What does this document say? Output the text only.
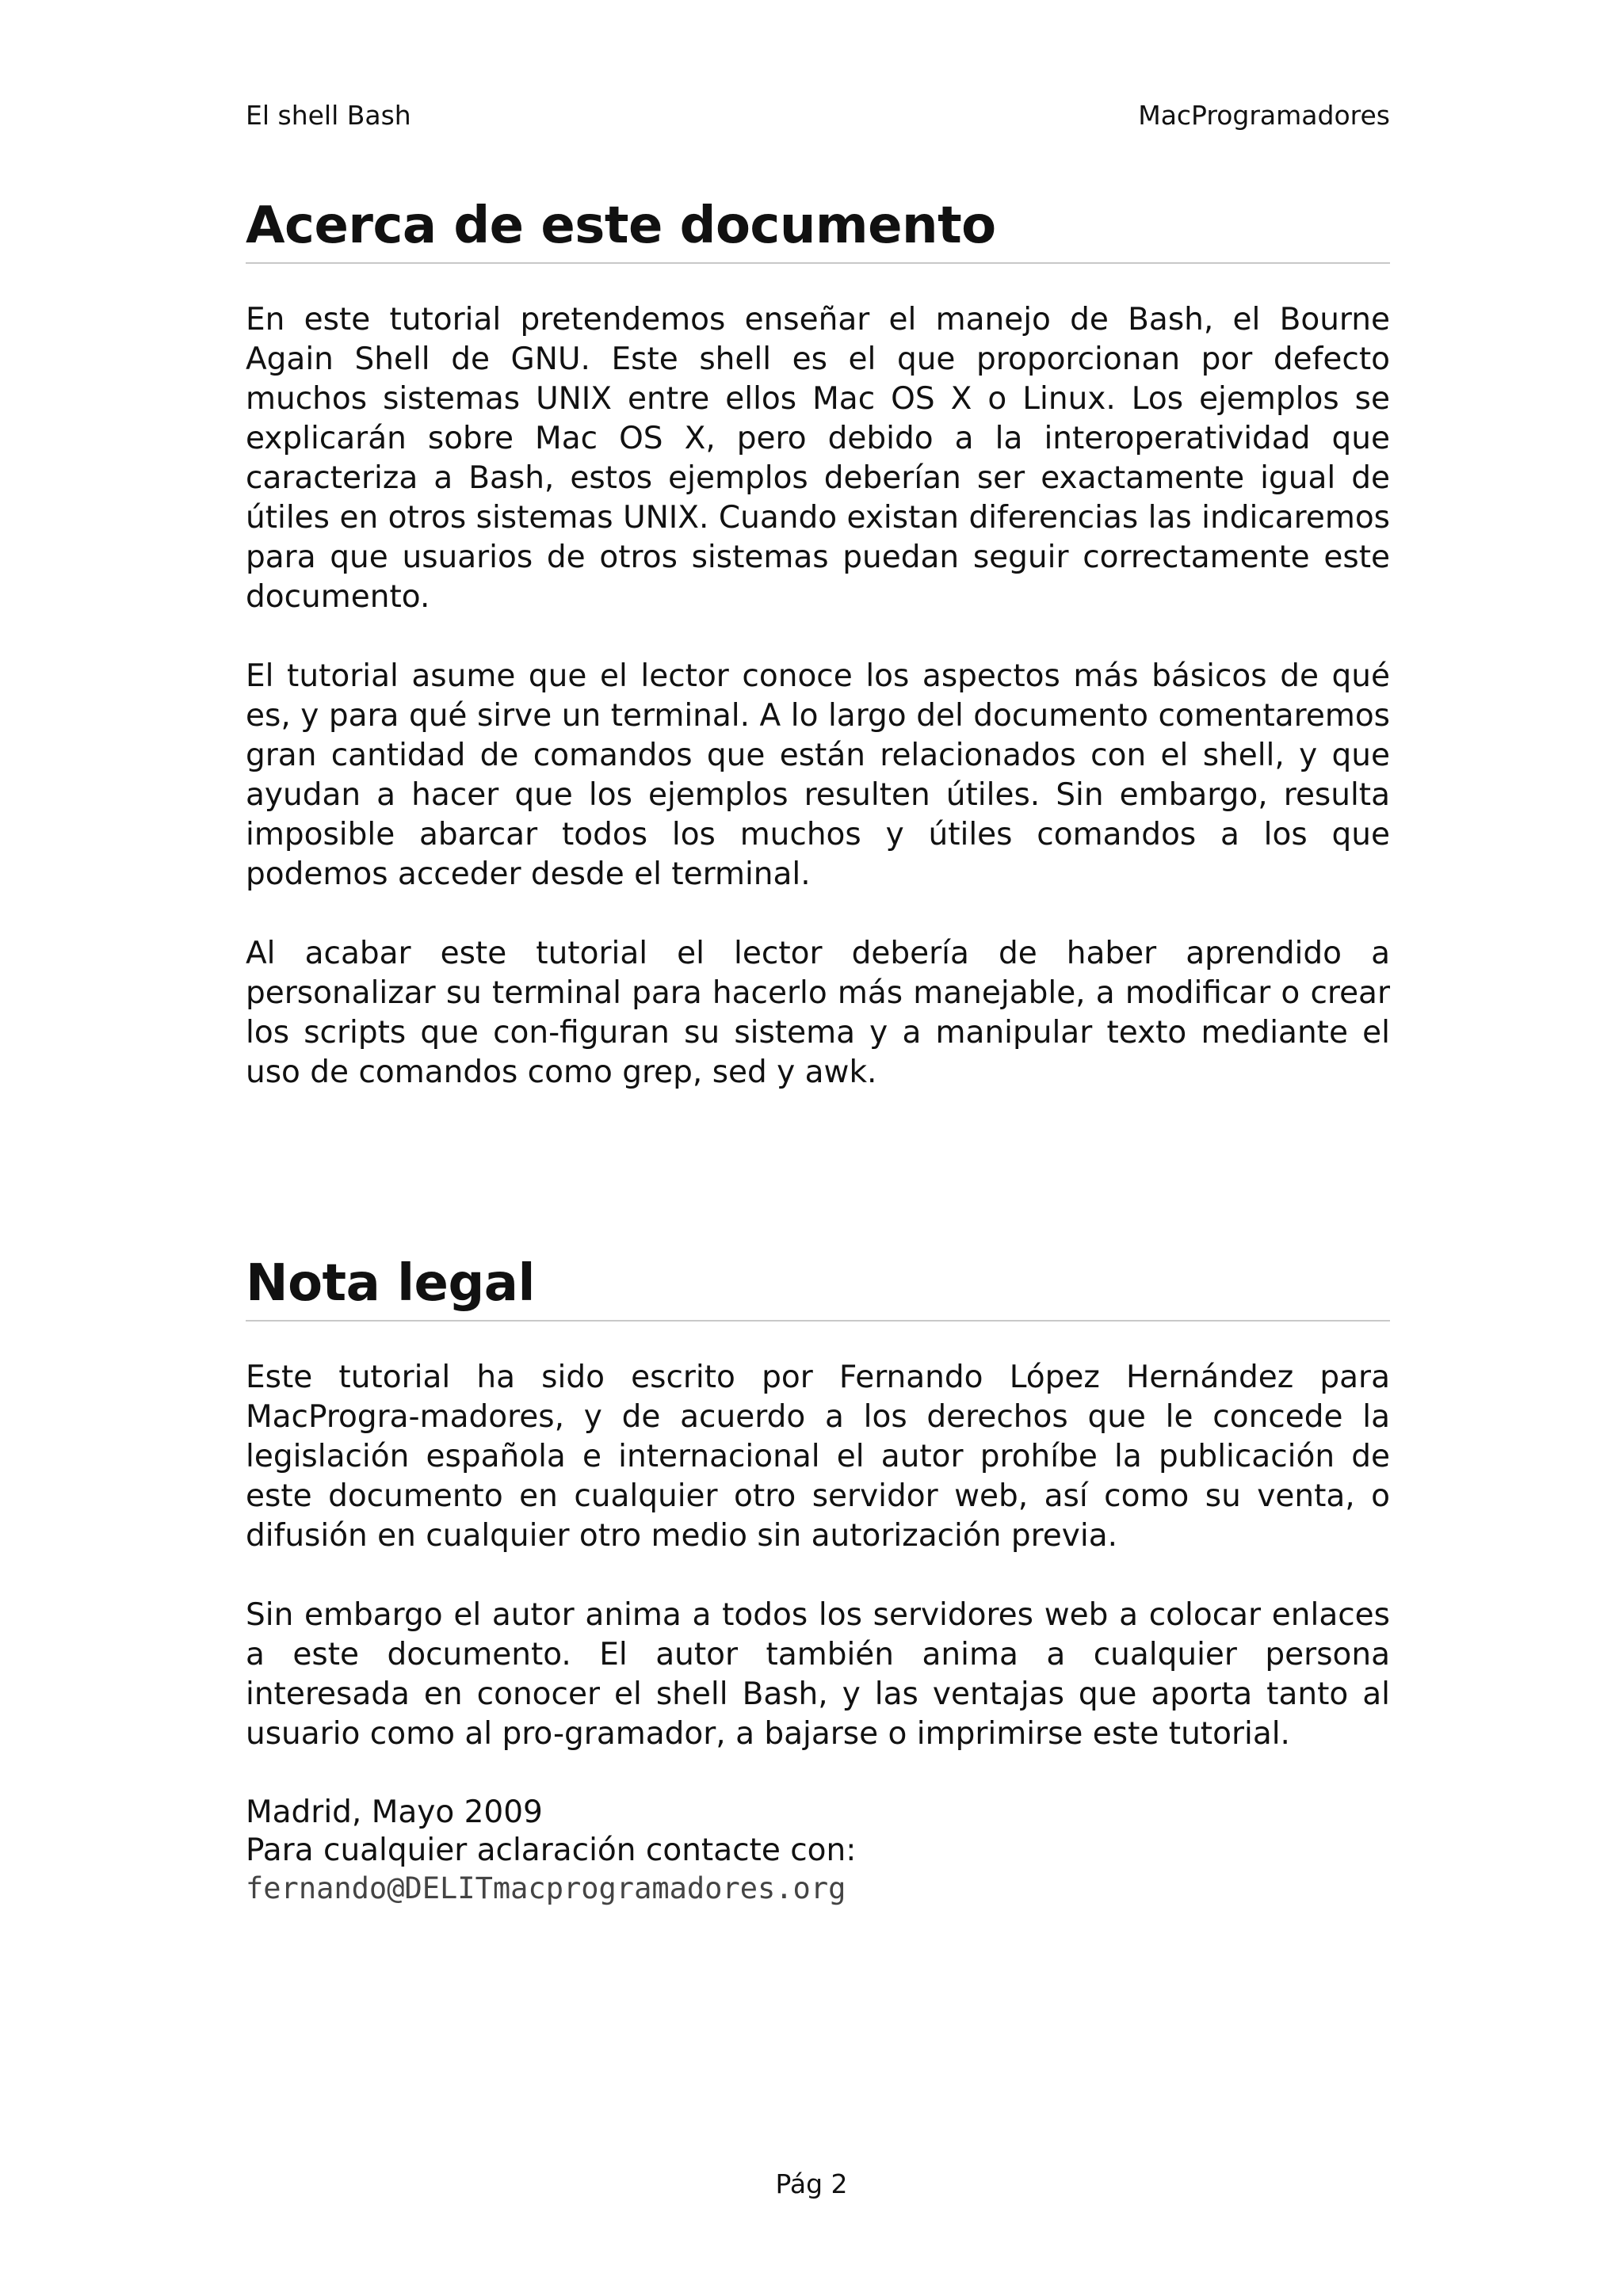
El shell Bash	MacProgramadores
Acerca de este documento

En este tutorial pretendemos enseñar el manejo de Bash, el Bourne Again Shell de GNU. Este shell es el que proporcionan por defecto muchos sistemas UNIX entre ellos Mac OS X o Linux. Los ejemplos se explicarán sobre Mac OS X, pero debido a la interoperatividad que caracteriza a Bash, estos ejemplos deberían ser exactamente igual de útiles en otros sistemas UNIX. Cuando existan diferencias las indicaremos para que usuarios de otros sistemas puedan seguir correctamente este documento.

El tutorial asume que el lector conoce los aspectos más básicos de qué es, y para qué sirve un terminal. A lo largo del documento comentaremos gran cantidad de comandos que están relacionados con el shell, y que ayudan a hacer que los ejemplos resulten útiles. Sin embargo, resulta imposible abarcar todos los muchos y útiles comandos a los que podemos acceder desde el terminal.

Al acabar este tutorial el lector debería de haber aprendido a personalizar su terminal para hacerlo más manejable, a modificar o crear los scripts que con-figuran su sistema y a manipular texto mediante el uso de comandos como grep, sed y awk.

Nota legal

Este tutorial ha sido escrito por Fernando López Hernández para MacProgra-madores, y de acuerdo a los derechos que le concede la legislación española e internacional el autor prohíbe la publicación de este documento en cualquier otro servidor web, así como su venta, o difusión en cualquier otro medio sin autorización previa.

Sin embargo el autor anima a todos los servidores web a colocar enlaces a este documento. El autor también anima a cualquier persona interesada en conocer el shell Bash, y las ventajas que aporta tanto al usuario como al pro-gramador, a bajarse o imprimirse este tutorial.

Madrid, Mayo 2009
Para cualquier aclaración contacte con:
fernando@DELITmacprogramadores.org
Pág 2
